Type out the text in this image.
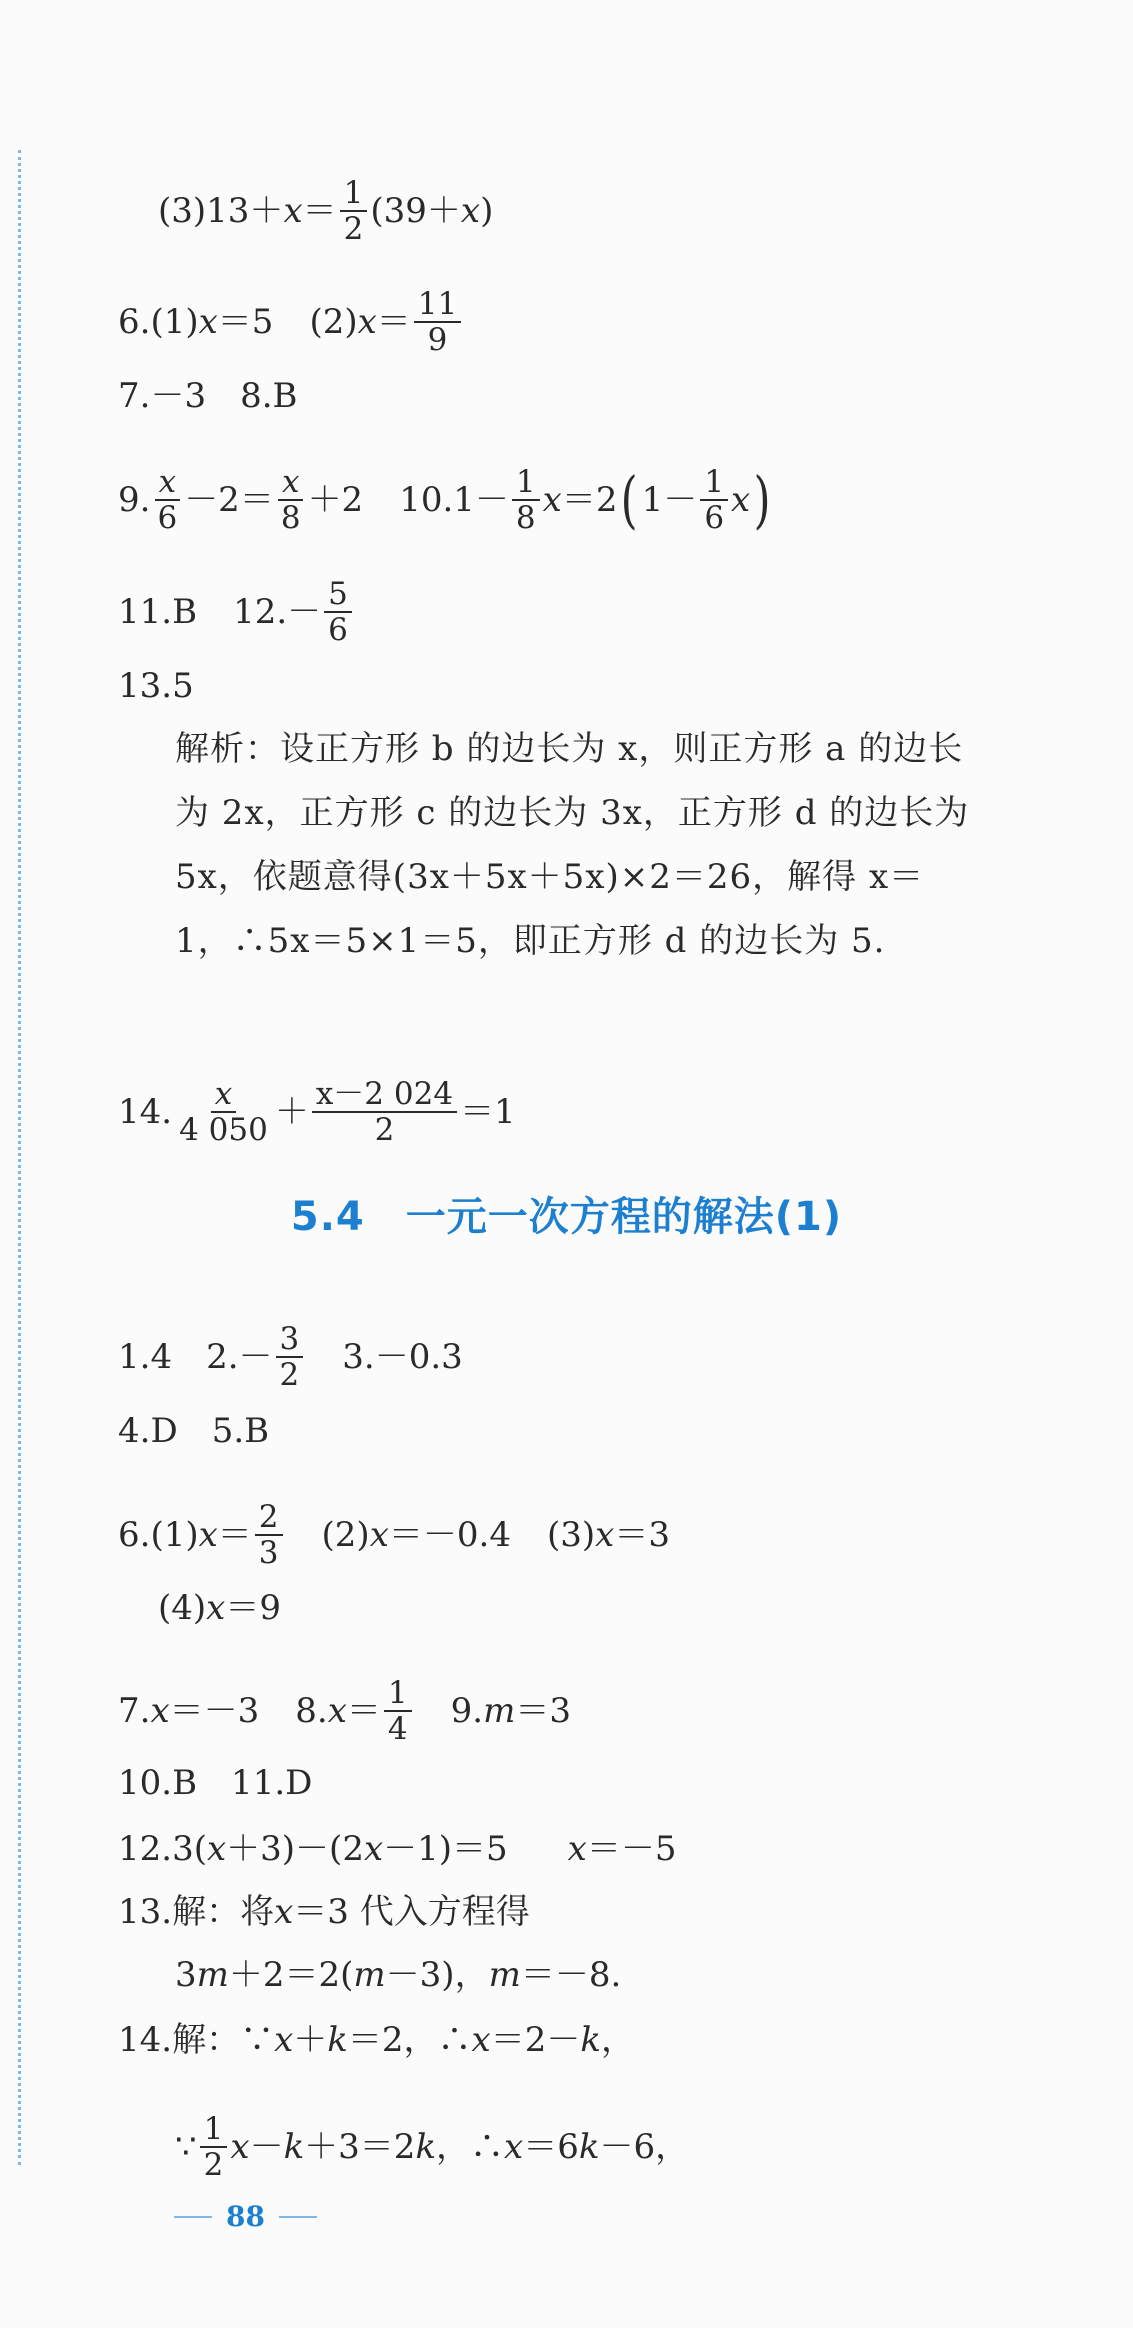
$(3)13+ x = \frac{1}{2} (39+ x$ )
6.(1) x ＝5 (2) $x = \frac{11}{9}$
7.－3　8.B
9. $\frac{x}{6} -2= \frac{x}{8} +2$ $10.1- \frac{1}{8}$ x ＝2 ( $1- \frac{1}{6}$ x )
11.B $12.- \frac{5}{6}$
13.5
解析：设正方形 b 的边长为 x，则正方形 a 的边长为 2x，正方形 c 的边长为 3x，正方形 d 的边长为 5x，依题意得(3x＋5x＋5x)×2＝26，解得 x＝1，∴5x＝5×1＝5，即正方形 d 的边长为 5.
14. $\frac{x}{4 050} + \frac{x-2 024}{2} =1$
5.4　一元一次方程的解法(1)
1.4　$2.- \frac{3}{2} 3.-0.3$
4.D　5.B
6.(1) $x = \frac{2}{3} (2)$ x ＝－0.4 (3) x ＝3
(4) x ＝9
7. x ＝－3 8. $x = \frac{1}{4} 9$. m ＝3
10.B　11.D
12.3( x ＋3)－(2 x －1)＝5 x ＝－5
13.解：将 x ＝3 代入方程得
3 m ＋2＝2( m －3)， m ＝－8.
14.解：∵ x ＋ k ＝2，∴ x ＝2－ k ，
∵ $\frac{1}{2}$ x － k ＋3＝2 k ，∴ x ＝6 k －6，
88
